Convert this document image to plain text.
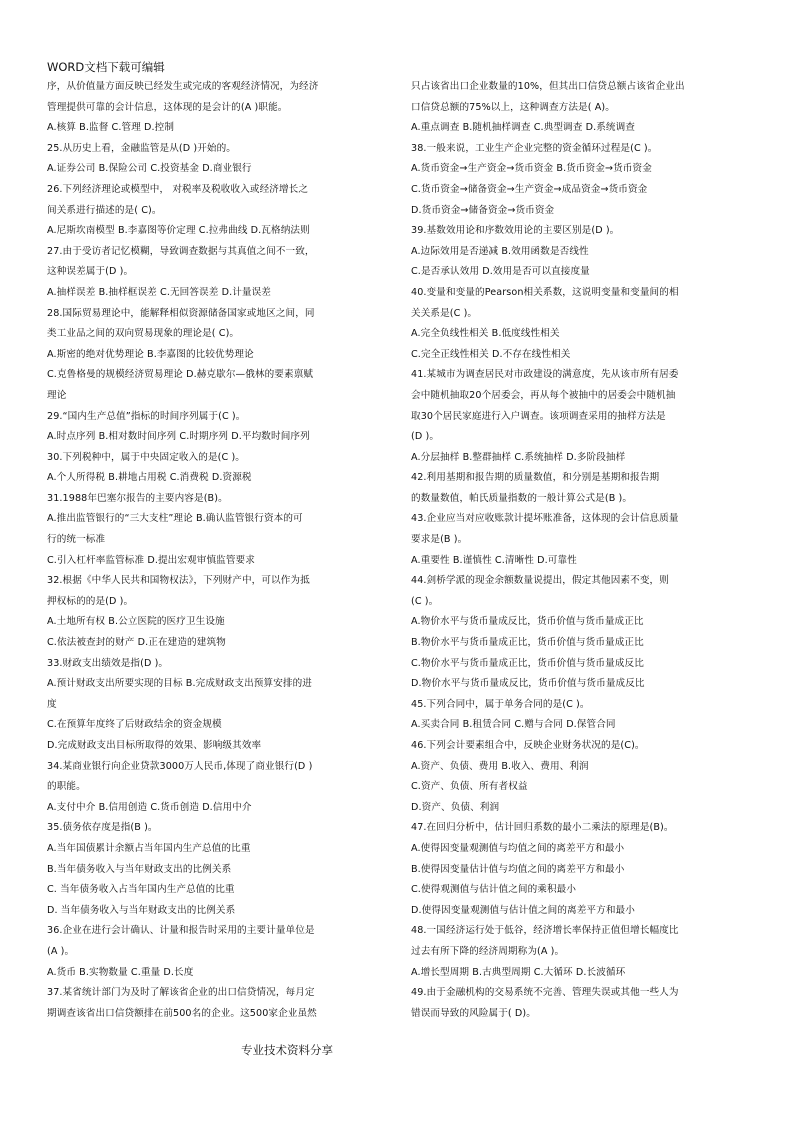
WORD文档下载可编辑
序，从价值量方面反映已经发生或完成的客观经济情况，为经济
管理提供可靠的会计信息，这体现的是会计的(A )职能。
A.核算 B.监督 C.管理 D.控制
25.从历史上看，金融监管是从(D )开始的。
A.证券公司 B.保险公司 C.投资基金 D.商业银行
26.下列经济理论或模型中， 对税率及税收收入或经济增长之
间关系进行描述的是( C)。
A.尼斯坎南模型 B.李嘉图等价定理 C.拉弗曲线 D.瓦格纳法则
27.由于受访者记忆模糊，导致调查数据与其真值之间不一致，
这种误差属于(D )。
A.抽样误差 B.抽样框误差 C.无回答误差 D.计量误差
28.国际贸易理论中，能解释相似资源储备国家或地区之间，同
类工业品之间的双向贸易现象的理论是( C)。
A.斯密的绝对优势理论 B.李嘉图的比较优势理论
C.克鲁格曼的规模经济贸易理论 D.赫克歇尔—俄林的要素禀赋
理论
29.“国内生产总值”指标的时间序列属于(C )。
A.时点序列 B.相对数时间序列 C.时期序列 D.平均数时间序列
30.下列税种中，属于中央固定收入的是(C )。
A.个人所得税 B.耕地占用税 C.消费税 D.资源税
31.1988年巴塞尔报告的主要内容是(B)。
A.推出监管银行的“三大支柱”理论 B.确认监管银行资本的可
行的统一标准
C.引入杠杆率监管标准 D.提出宏观审慎监管要求
32.根据《中华人民共和国物权法》，下列财产中，可以作为抵
押权标的的是(D )。
A.土地所有权 B.公立医院的医疗卫生设施
C.依法被查封的财产 D.正在建造的建筑物
33.财政支出绩效是指(D )。
A.预计财政支出所要实现的目标 B.完成财政支出预算安排的进
度
C.在预算年度终了后财政结余的资金规模
D.完成财政支出目标所取得的效果、影响级其效率
34.某商业银行向企业贷款3000万人民币,体现了商业银行(D )
的职能。
A.支付中介 B.信用创造 C.货币创造 D.信用中介
35.债务依存度是指(B )。
A.当年国债累计余额占当年国内生产总值的比重
B.当年债务收入与当年财政支出的比例关系
C. 当年债务收入占当年国内生产总值的比重
D. 当年债务收入与当年财政支出的比例关系
36.企业在进行会计确认、计量和报告时采用的主要计量单位是
(A )。
A.货币 B.实物数量 C.重量 D.长度
37.某省统计部门为及时了解该省企业的出口信贷情况，每月定
期调查该省出口信贷额排在前500名的企业。这500家企业虽然
只占该省出口企业数量的10%，但其出口信贷总额占该省企业出
口信贷总额的75%以上，这种调查方法是( A)。
A.重点调查 B.随机抽样调查 C.典型调查 D.系统调查
38.一般来说，工业生产企业完整的资金循环过程是(C )。
A.货币资金→生产资金→货币资金 B.货币资金→货币资金
C.货币资金→储备资金→生产资金→成品资金→货币资金
D.货币资金→储备资金→货币资金
39.基数效用论和序数效用论的主要区别是(D )。
A.边际效用是否递减 B.效用函数是否线性
C.是否承认效用 D.效用是否可以直接度量
40.变量和变量的Pearson相关系数，这说明变量和变量间的相
关关系是(C )。
A.完全负线性相关 B.低度线性相关
C.完全正线性相关 D.不存在线性相关
41.某城市为调查居民对市政建设的满意度，先从该市所有居委
会中随机抽取20个居委会，再从每个被抽中的居委会中随机抽
取30个居民家庭进行入户调查。该项调查采用的抽样方法是
(D )。
A.分层抽样 B.整群抽样 C.系统抽样 D.多阶段抽样
42.利用基期和报告期的质量数值，和分别是基期和报告期
的数量数值，帕氏质量指数的一般计算公式是(B )。
43.企业应当对应收账款计提坏账准备，这体现的会计信息质量
要求是(B )。
A.重要性 B.谨慎性 C.清晰性 D.可靠性
44.剑桥学派的现金余额数量说提出，假定其他因素不变，则
(C )。
A.物价水平与货币量成反比，货币价值与货币量成正比
B.物价水平与货币量成正比，货币价值与货币量成正比
C.物价水平与货币量成正比，货币价值与货币量成反比
D.物价水平与货币量成反比，货币价值与货币量成反比
45.下列合同中，属于单务合同的是(C )。
A.买卖合同 B.租赁合同 C.赠与合同 D.保管合同
46.下列会计要素组合中，反映企业财务状况的是(C)。
A.资产、负债、费用 B.收入、费用、利润
C.资产、负债、所有者权益
D.资产、负债、利润
47.在回归分析中，估计回归系数的最小二乘法的原理是(B)。
A.使得因变量观测值与均值之间的离差平方和最小
B.使得因变量估计值与均值之间的离差平方和最小
C.使得观测值与估计值之间的乘积最小
D.使得因变量观测值与估计值之间的离差平方和最小
48.一国经济运行处于低谷，经济增长率保持正值但增长幅度比
过去有所下降的经济周期称为(A )。
A.增长型周期 B.古典型周期 C.大循环 D.长波循环
49.由于金融机构的交易系统不完善、管理失误或其他一些人为
错误而导致的风险属于( D)。
专业技术资料分享
